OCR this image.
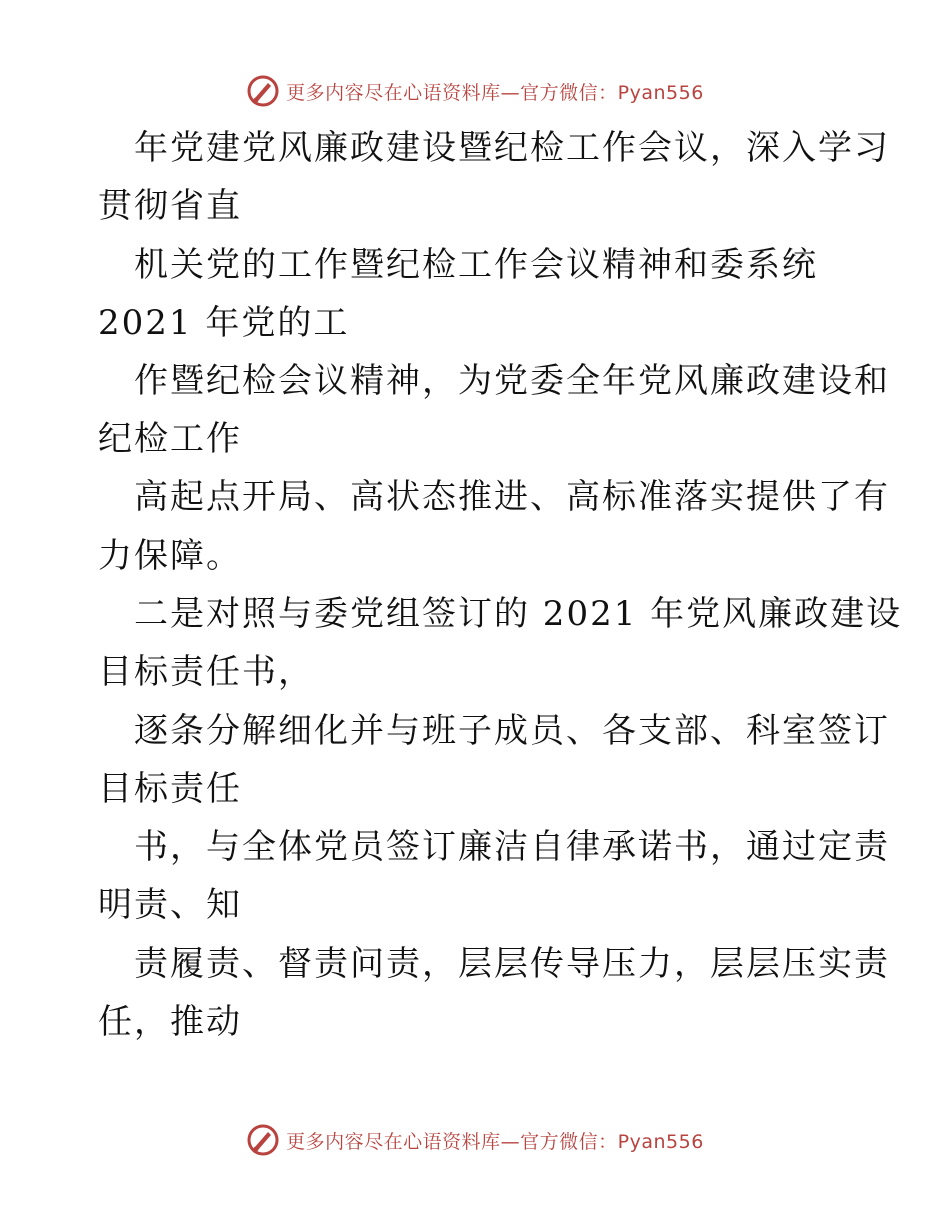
更多内容尽在心语资料库—官方微信：Pyan556
年党建党风廉政建设暨纪检工作会议，深入学习
贯彻省直
机关党的工作暨纪检工作会议精神和委系统
2021 年党的工
作暨纪检会议精神，为党委全年党风廉政建设和
纪检工作
高起点开局、高状态推进、高标准落实提供了有
力保障。
二是对照与委党组签订的 2021 年党风廉政建设
目标责任书，
逐条分解细化并与班子成员、各支部、科室签订
目标责任
书，与全体党员签订廉洁自律承诺书，通过定责
明责、知
责履责、督责问责，层层传导压力，层层压实责
任，推动
更多内容尽在心语资料库—官方微信：Pyan556
